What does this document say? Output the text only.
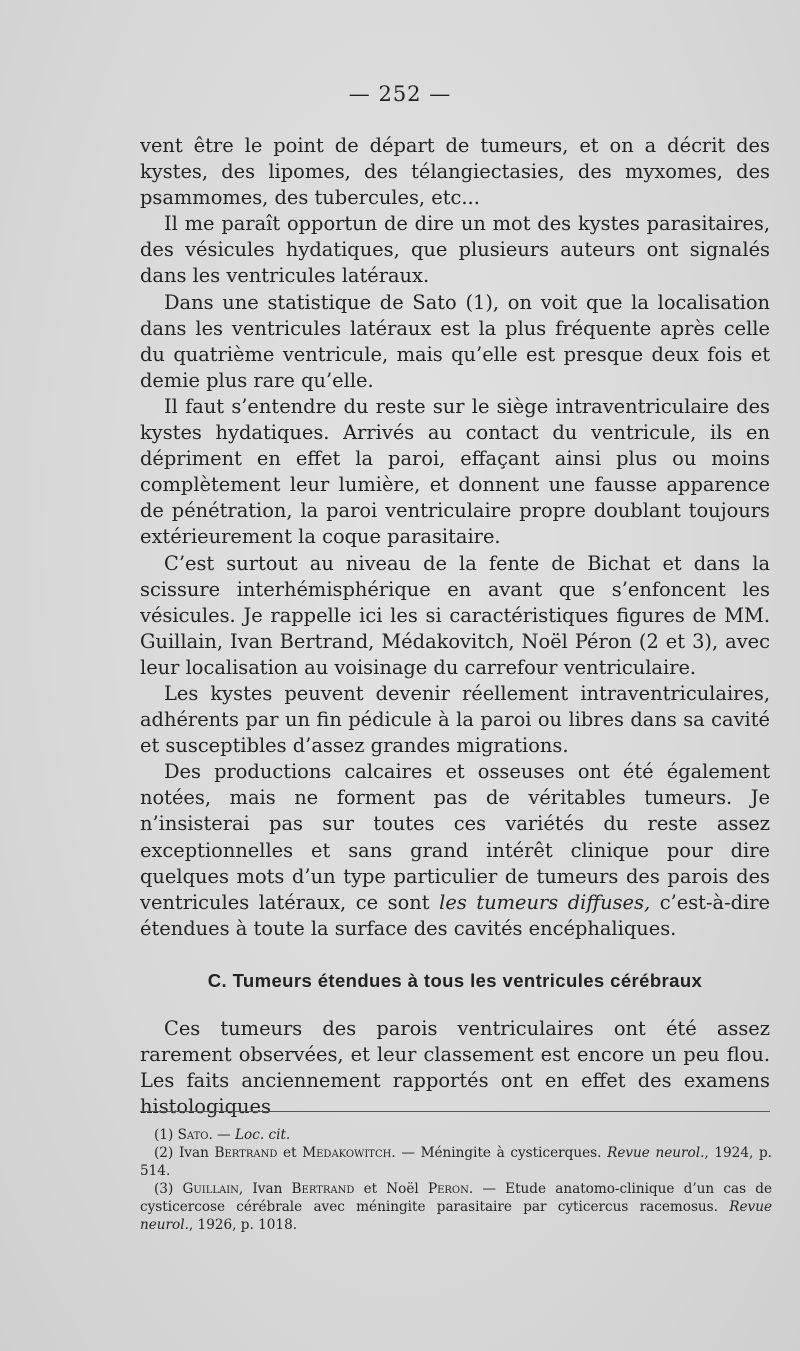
— 252 —

vent être le point de départ de tumeurs, et on a décrit des kystes, des lipomes, des télangiectasies, des myxomes, des psammomes, des tubercules, etc...

Il me paraît opportun de dire un mot des kystes parasitaires, des vésicules hydatiques, que plusieurs auteurs ont signalés dans les ventricules latéraux.

Dans une statistique de Sato (1), on voit que la localisation dans les ventricules latéraux est la plus fréquente après celle du quatrième ventricule, mais qu’elle est presque deux fois et demie plus rare qu’elle.

Il faut s’entendre du reste sur le siège intraventriculaire des kystes hydatiques. Arrivés au contact du ventricule, ils en dépriment en effet la paroi, effaçant ainsi plus ou moins complètement leur lumière, et donnent une fausse apparence de pénétration, la paroi ventriculaire propre doublant toujours extérieurement la coque parasitaire.

C’est surtout au niveau de la fente de Bichat et dans la scissure interhémisphérique en avant que s’enfoncent les vésicules. Je rappelle ici les si caractéristiques figures de MM. Guillain, Ivan Bertrand, Médakovitch, Noël Péron (2 et 3), avec leur localisation au voisinage du carrefour ventriculaire.

Les kystes peuvent devenir réellement intraventriculaires, adhérents par un fin pédicule à la paroi ou libres dans sa cavité et susceptibles d’assez grandes migrations.

Des productions calcaires et osseuses ont été également notées, mais ne forment pas de véritables tumeurs. Je n’insisterai pas sur toutes ces variétés du reste assez exceptionnelles et sans grand intérêt clinique pour dire quelques mots d’un type particulier de tumeurs des parois des ventricules latéraux, ce sont les tumeurs diffuses, c’est-à-dire étendues à toute la surface des cavités encéphaliques.

C. Tumeurs étendues à tous les ventricules cérébraux

Ces tumeurs des parois ventriculaires ont été assez rarement observées, et leur classement est encore un peu flou. Les faits anciennement rapportés ont en effet des examens histologiques

(1) Sato. — Loc. cit.

(2) Ivan Bertrand et Medakowitch. — Méningite à cysticerques. Revue neurol., 1924, p. 514.

(3) Guillain, Ivan Bertrand et Noël Peron. — Etude anatomo-clinique d’un cas de cysticercose cérébrale avec méningite parasitaire par cyticercus racemosus. Revue neurol., 1926, p. 1018.
